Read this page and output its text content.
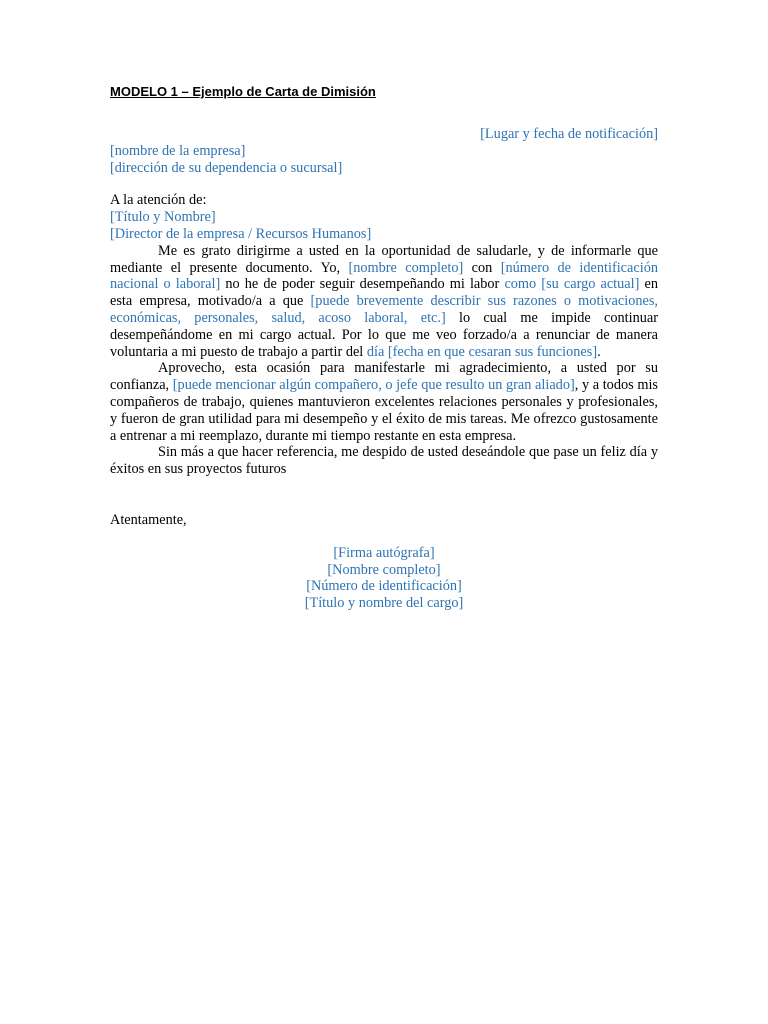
MODELO 1 – Ejemplo de Carta de Dimisión
[Lugar y fecha de notificación]
[nombre de la empresa]
[dirección de su dependencia o sucursal]
A la atención de:
[Título y Nombre]
[Director de la empresa / Recursos Humanos]

Me es grato dirigirme a usted en la oportunidad de saludarle, y de informarle que mediante el presente documento. Yo, [nombre completo] con [número de identificación nacional o laboral] no he de poder seguir desempeñando mi labor como [su cargo actual] en esta empresa, motivado/a a que [puede brevemente describir sus razones o motivaciones, económicas, personales, salud, acoso laboral, etc.] lo cual me impide continuar desempeñándome en mi cargo actual. Por lo que me veo forzado/a a renunciar de manera voluntaria a mi puesto de trabajo a partir del día [fecha en que cesaran sus funciones].

Aprovecho, esta ocasión para manifestarle mi agradecimiento, a usted por su confianza, [puede mencionar algún compañero, o jefe que resulto un gran aliado], y a todos mis compañeros de trabajo, quienes mantuvieron excelentes relaciones personales y profesionales, y fueron de gran utilidad para mi desempeño y el éxito de mis tareas. Me ofrezco gustosamente a entrenar a mi reemplazo, durante mi tiempo restante en esta empresa.

Sin más a que hacer referencia, me despido de usted deseándole que pase un feliz día y éxitos en sus proyectos futuros

Atentamente,
[Firma autógrafa]
[Nombre completo]
[Número de identificación]
[Título y nombre del cargo]
